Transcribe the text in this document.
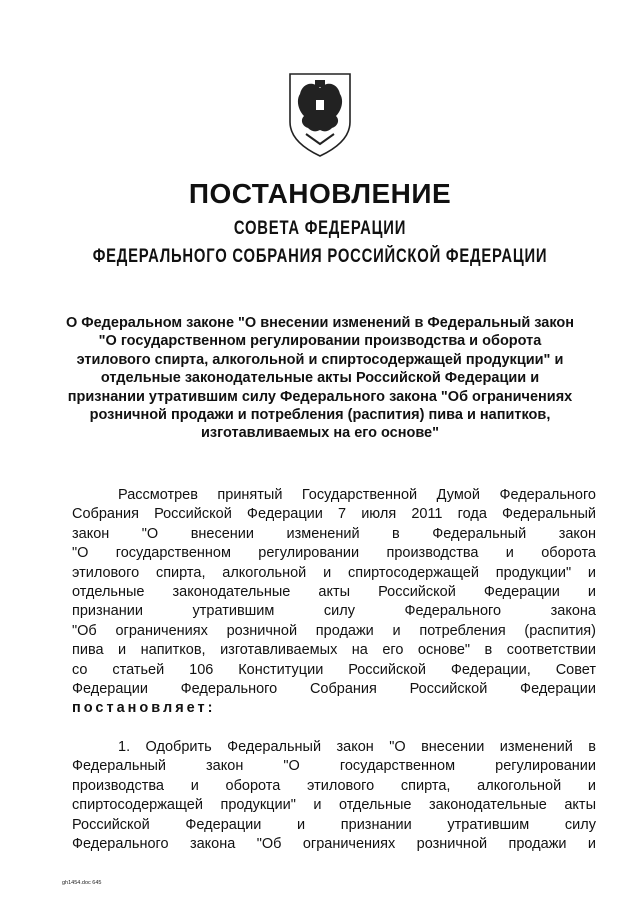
ПОСТАНОВЛЕНИЕ
СОВЕТА ФЕДЕРАЦИИ
ФЕДЕРАЛЬНОГО СОБРАНИЯ РОССИЙСКОЙ ФЕДЕРАЦИИ
О Федеральном законе "О внесении изменений в Федеральный закон
"О государственном регулировании производства и оборота
этилового спирта, алкогольной и спиртосодержащей продукции" и
отдельные законодательные акты Российской Федерации и
признании утратившим силу Федерального закона "Об ограничениях
розничной продажи и потребления (распития) пива и напитков,
изготавливаемых на его основе"
Рассмотрев принятый Государственной Думой Федерального
Собрания Российской Федерации 7 июля 2011 года Федеральный
закон "О внесении изменений в Федеральный закон
"О государственном регулировании производства и оборота
этилового спирта, алкогольной и спиртосодержащей продукции" и
отдельные законодательные акты Российской Федерации и
признании утратившим силу Федерального закона
"Об ограничениях розничной продажи и потребления (распития)
пива и напитков, изготавливаемых на его основе" в соответствии
со статьей 106 Конституции Российской Федерации, Совет
Федерации Федерального Собрания Российской Федерации
постановляет:
1. Одобрить Федеральный закон "О внесении изменений в
Федеральный закон "О государственном регулировании
производства и оборота этилового спирта, алкогольной и
спиртосодержащей продукции" и отдельные законодательные акты
Российской Федерации и признании утратившим силу
Федерального закона "Об ограничениях розничной продажи и
gh1454.doc 645
